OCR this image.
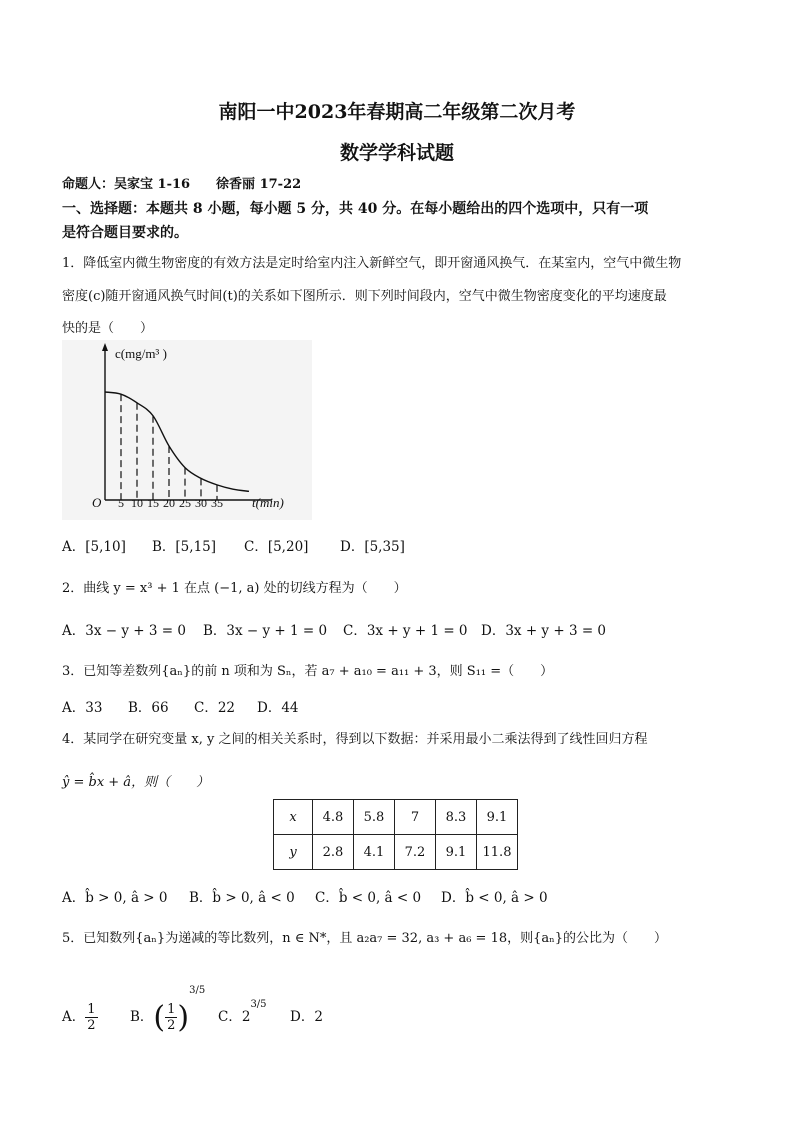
南阳一中2023年春期高二年级第二次月考
数学学科试题
命题人：吴家宝 1-16　　徐香丽 17-22
一、选择题：本题共 8 小题，每小题 5 分，共 40 分。在每小题给出的四个选项中，只有一项
是符合题目要求的。
1．降低室内微生物密度的有效方法是定时给室内注入新鲜空气，即开窗通风换气．在某室内，空气中微生物
密度(c)随开窗通风换气时间(t)的关系如下图所示．则下列时间段内，空气中微生物密度变化的平均速度最
快的是（　　）
c(mg/m³ )
t(min)
O 5 10 15 20 25 30 35
A．[5,10] B．[5,15] C．[5,20] D．[5,35]
2．曲线 y = x³ + 1 在点 (−1, a) 处的切线方程为（　　）
A．3x − y + 3 = 0 B．3x − y + 1 = 0 C．3x + y + 1 = 0 D．3x + y + 3 = 0
3．已知等差数列{aₙ}的前 n 项和为 Sₙ，若 a₇ + a₁₀ = a₁₁ + 3，则 S₁₁ =（　　）
A．33 B．66 C．22 D．44
4．某同学在研究变量 x, y 之间的相关关系时，得到以下数据：并采用最小二乘法得到了线性回归方程
ŷ = b̂x + â，则（　　）
x	4.8	5.8	7	8.3	9.1
y	2.8	4.1	7.2	9.1	11.8
A．b̂ > 0, â > 0 B．b̂ > 0, â < 0 C．b̂ < 0, â < 0 D．b̂ < 0, â > 0
5．已知数列{aₙ}为递减的等比数列，n ∈ N*，且 a₂a₇ = 32, a₃ + a₆ = 18，则{aₙ}的公比为（　　）
A． $\frac{1}{2}$ B．( $\frac{1}{2} )^{3/5}C$．$2^{3/5}D$．2
